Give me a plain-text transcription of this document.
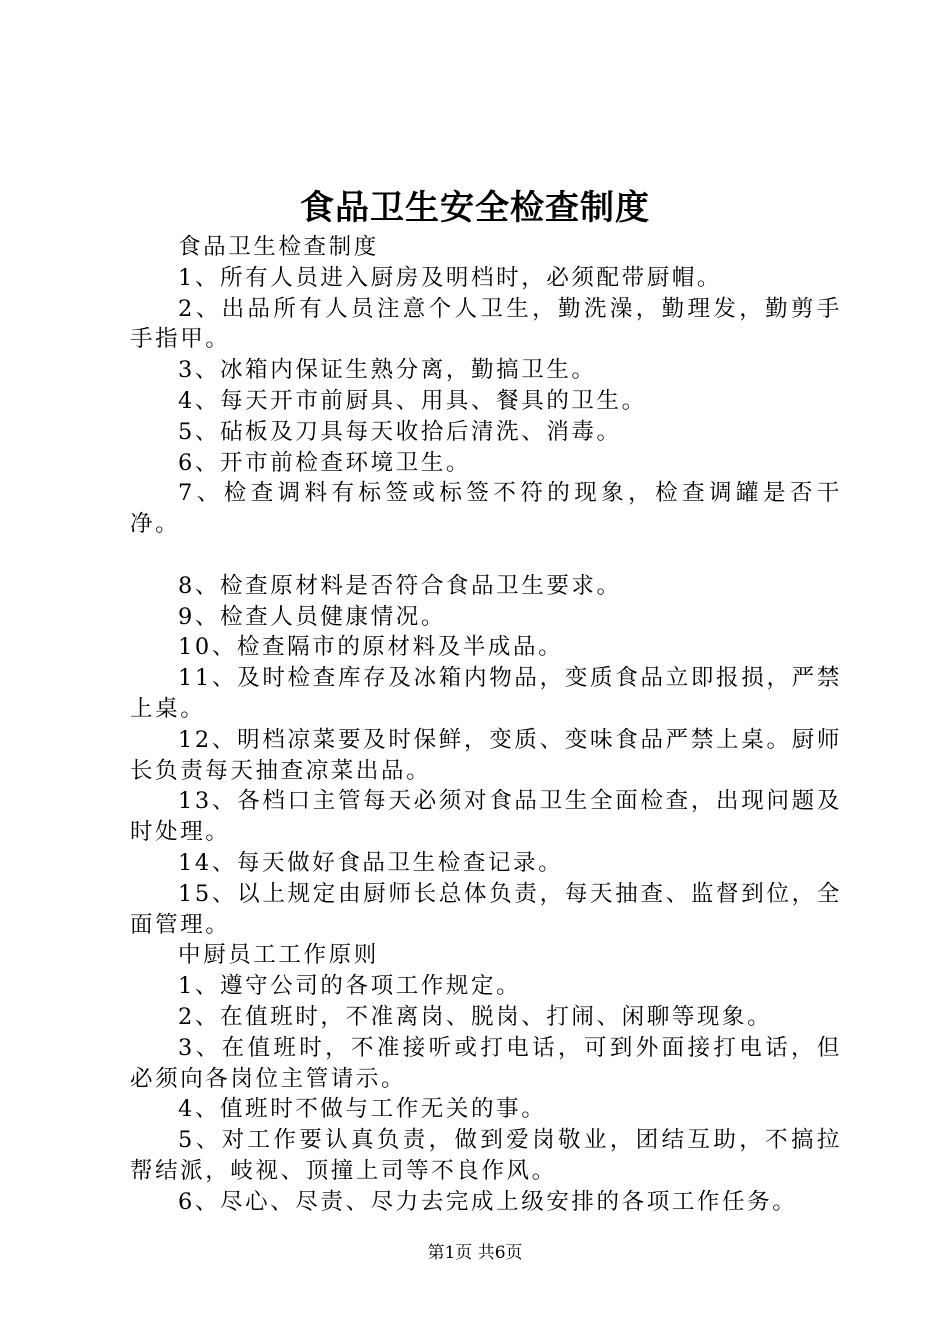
食品卫生安全检查制度

食品卫生检查制度

1、所有人员进入厨房及明档时，必须配带厨帽。

2、出品所有人员注意个人卫生，勤洗澡，勤理发，勤剪手手指甲。

3、冰箱内保证生熟分离，勤搞卫生。

4、每天开市前厨具、用具、餐具的卫生。

5、砧板及刀具每天收拾后清洗、消毒。

6、开市前检查环境卫生。

7、检查调料有标签或标签不符的现象，检查调罐是否干净。

8、检查原材料是否符合食品卫生要求。

9、检查人员健康情况。

10、检查隔市的原材料及半成品。

11、及时检查库存及冰箱内物品，变质食品立即报损，严禁上桌。

12、明档凉菜要及时保鲜，变质、变味食品严禁上桌。厨师长负责每天抽查凉菜出品。

13、各档口主管每天必须对食品卫生全面检查，出现问题及时处理。

14、每天做好食品卫生检查记录。

15、以上规定由厨师长总体负责，每天抽查、监督到位，全面管理。

中厨员工工作原则

1、遵守公司的各项工作规定。

2、在值班时，不准离岗、脱岗、打闹、闲聊等现象。

3、在值班时，不准接听或打电话，可到外面接打电话，但必须向各岗位主管请示。

4、值班时不做与工作无关的事。

5、对工作要认真负责，做到爱岗敬业，团结互助，不搞拉帮结派，岐视、顶撞上司等不良作风。

6、尽心、尽责、尽力去完成上级安排的各项工作任务。

第1页 共6页
